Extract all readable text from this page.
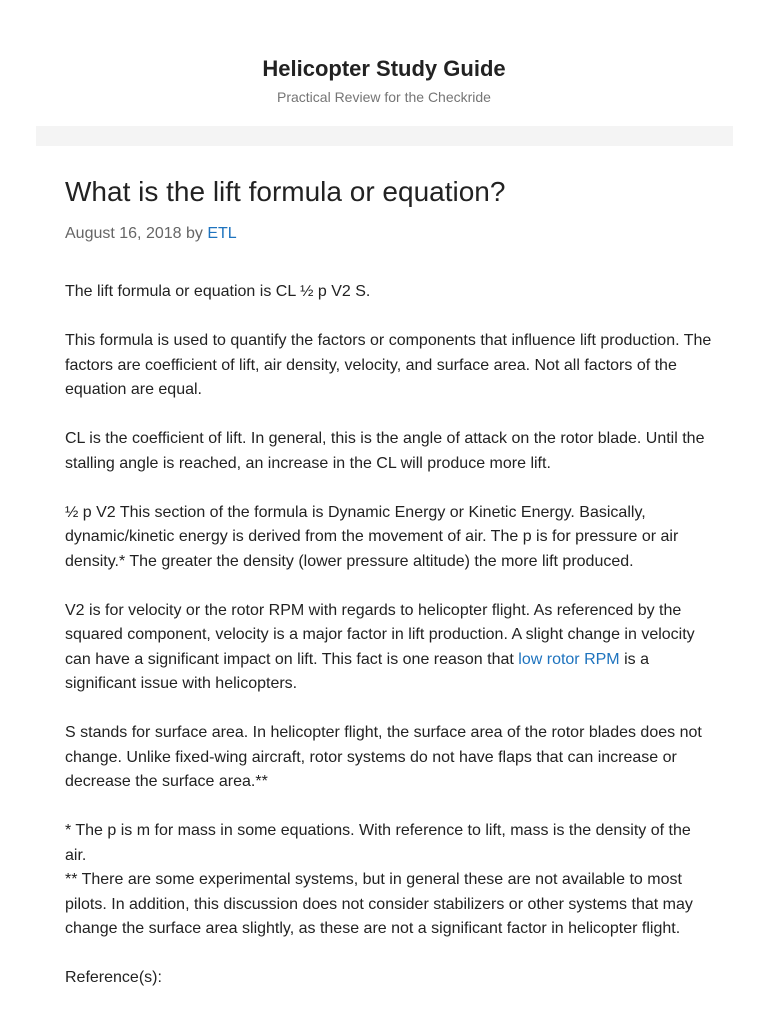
Helicopter Study Guide
Practical Review for the Checkride
What is the lift formula or equation?
August 16, 2018 by ETL

The lift formula or equation is CL ½ p V2 S.

This formula is used to quantify the factors or components that influence lift production. The factors are coefficient of lift, air density, velocity, and surface area. Not all factors of the equation are equal.

CL is the coefficient of lift. In general, this is the angle of attack on the rotor blade. Until the stalling angle is reached, an increase in the CL will produce more lift.

½ p V2 This section of the formula is Dynamic Energy or Kinetic Energy. Basically, dynamic/kinetic energy is derived from the movement of air. The p is for pressure or air density.* The greater the density (lower pressure altitude) the more lift produced.

V2 is for velocity or the rotor RPM with regards to helicopter flight. As referenced by the squared component, velocity is a major factor in lift production. A slight change in velocity can have a significant impact on lift. This fact is one reason that low rotor RPM is a significant issue with helicopters.

S stands for surface area. In helicopter flight, the surface area of the rotor blades does not change. Unlike fixed-wing aircraft, rotor systems do not have flaps that can increase or decrease the surface area.**

* The p is m for mass in some equations. With reference to lift, mass is the density of the air.

** There are some experimental systems, but in general these are not available to most pilots. In addition, this discussion does not consider stabilizers or other systems that may change the surface area slightly, as these are not a significant factor in helicopter flight.

Reference(s):
